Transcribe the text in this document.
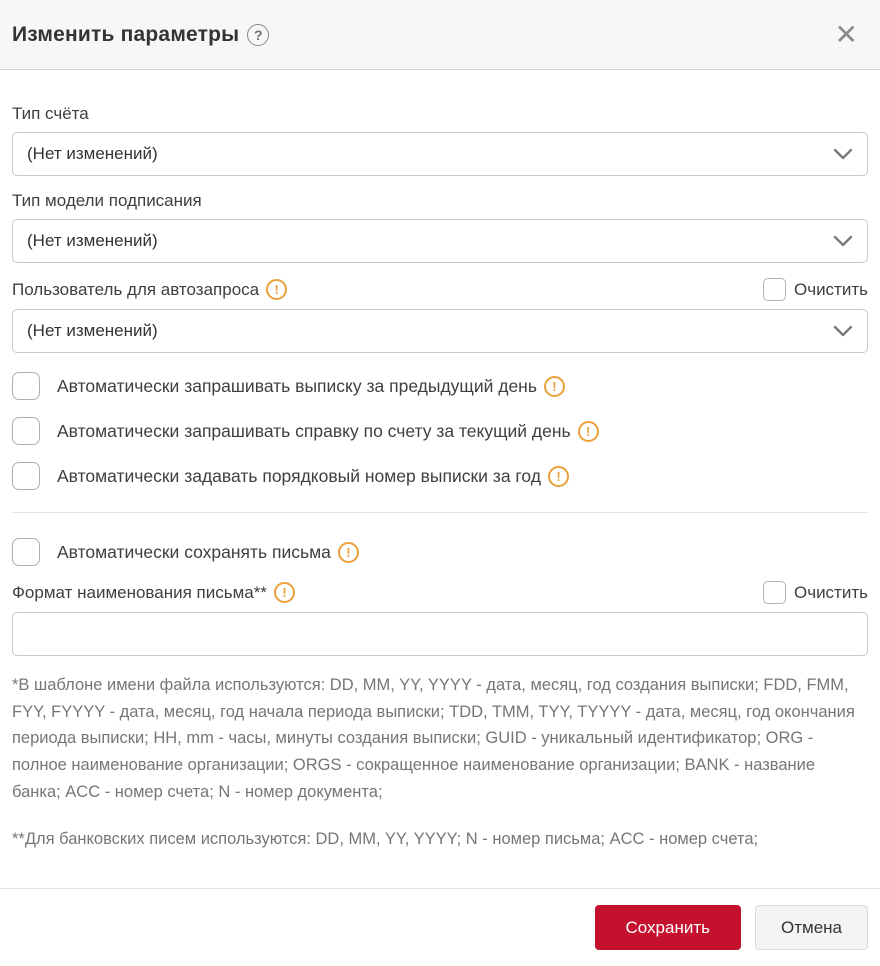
Изменить параметры	?	✕
Тип счёта
(Нет изменений)
Тип модели подписания
(Нет изменений)
Пользователь для автозапроса	!	Очистить
(Нет изменений)
Автоматически запрашивать выписку за предыдущий день	!
Автоматически запрашивать справку по счету за текущий день	!
Автоматически задавать порядковый номер выписки за год	!
Автоматически сохранять письма	!
Формат наименования письма**	!	Очистить

*В шаблоне имени файла используются: DD, MM, YY, YYYY - дата, месяц, год создания выписки; FDD, FMM, FYY, FYYYY - дата, месяц, год начала периода выписки; TDD, TMM, TYY, TYYYY - дата, месяц, год окончания периода выписки; HH, mm - часы, минуты создания выписки; GUID - уникальный идентификатор; ORG - полное наименование организации; ORGS - сокращенное наименование организации; BANK - название банка; ACC - номер счета; N - номер документа;

**Для банковских писем используются: DD, MM, YY, YYYY; N - номер письма; ACC - номер счета;

Сохранить	Отмена
